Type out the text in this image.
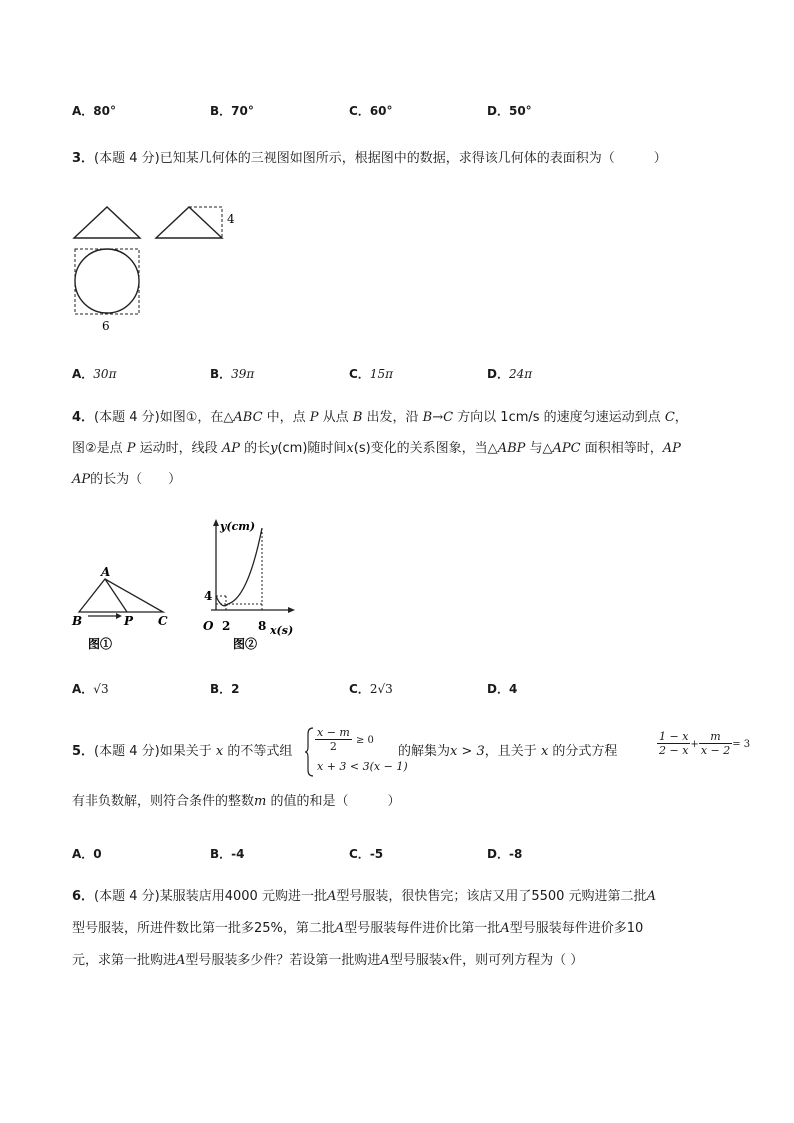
A．80°	B．70°	C．60°	D．50°
3．(本题 4 分)已知某几何体的三视图如图所示，根据图中的数据，求得该几何体的表面积为（　　　）
4
6
A．30π	B．39π	C．15π	D．24π
4．(本题 4 分)如图①，在△ABC 中，点 P 从点 B 出发，沿 B→C 方向以 1cm/s 的速度匀速运动到点 C，
图②是点 P 运动时，线段 AP 的长y(cm)随时间x(s)变化的关系图象，当△ABP 与△APC 面积相等时，AP
AP的长为（　　）
A
B	P C
图①
y(cm)
x(s)
O
4
2 8
图②
A．√3	B．2	C．2√3	D．4
5．(本题 4 分)如果关于 x 的不等式组 $\frac{x - m}{2} \ge 0$
x + 3 < 3(x − 1)
的解集为x > 3，且关于 x 的分式方程	$\frac{1 - x}{2 - x} + \frac{m}{x - 2} = 3$
有非负数解，则符合条件的整数m 的值的和是（　　　）
A．0	B．-4	C．-5	D．-8
6．(本题 4 分)某服装店用4000 元购进一批A型号服装，很快售完；该店又用了5500 元购进第二批A
型号服装，所进件数比第一批多25%，第二批A型号服装每件进价比第一批A型号服装每件进价多10
元，求第一批购进A型号服装多少件？若设第一批购进A型号服装x件，则可列方程为（ ）
